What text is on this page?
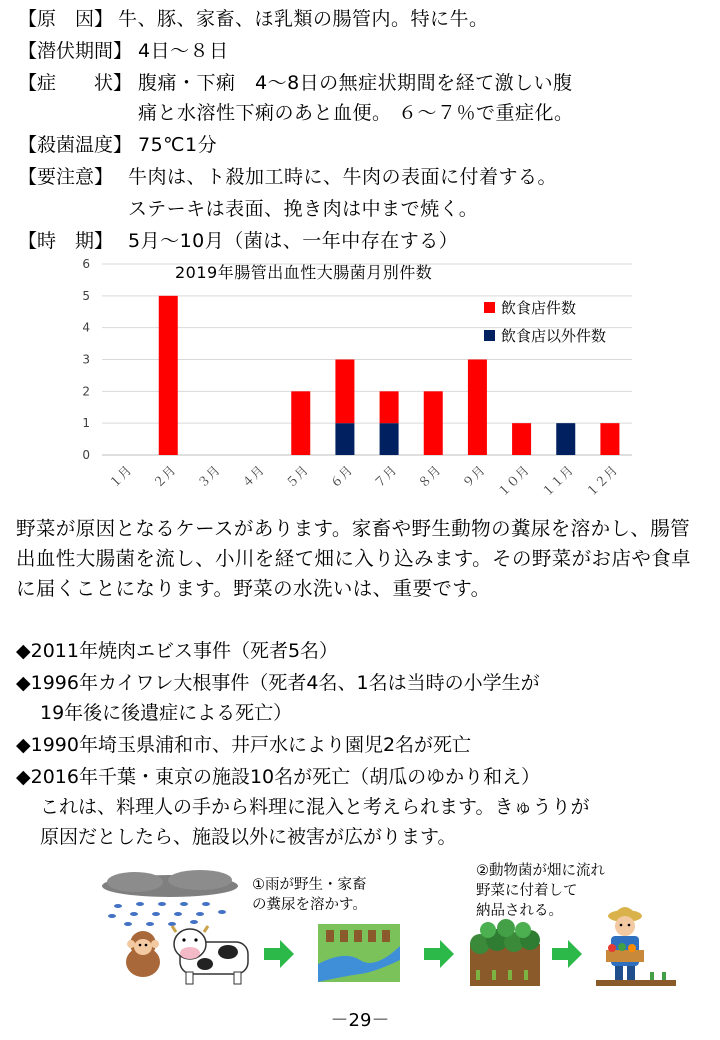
【原　因】 牛、豚、家畜、ほ乳類の腸管内。特に牛。
【潜伏期間】 4日～８日
【症　　状】 腹痛・下痢　4～8日の無症状期間を経て激しい腹
痛と水溶性下痢のあと血便。 ６～７％で重症化。
【殺菌温度】 75℃1分
【要注意】 牛肉は、ト殺加工時に、牛肉の表面に付着する。
ステーキは表面、挽き肉は中まで焼く。
【時　期】 5月～10月（菌は、一年中存在する）
0
1
2
3
4
5
6
１月 ２月 ３月 ４月 ５月 ６月 ７月 ８月 ９月 １０月 １１月 １２月
2019年腸管出血性大腸菌月別件数
飲食店件数
飲食店以外件数

野菜が原因となるケースがあります。家畜や野生動物の糞尿を溶かし、腸管出血性大腸菌を流し、小川を経て畑に入り込みます。その野菜がお店や食卓に届くことになります。野菜の水洗いは、重要です。

◆2011年焼肉エビス事件（死者5名）
◆1996年カイワレ大根事件（死者4名、1名は当時の小学生が
19年後に後遺症による死亡）
◆1990年埼玉県浦和市、井戸水により園児2名が死亡
◆2016年千葉・東京の施設10名が死亡（胡瓜のゆかり和え）
これは、料理人の手から料理に混入と考えられます。きゅうりが
原因だとしたら、施設以外に被害が広がります。
①雨が野生・家畜
の糞尿を溶かす。
②動物菌が畑に流れ
野菜に付着して
納品される。
－29－
